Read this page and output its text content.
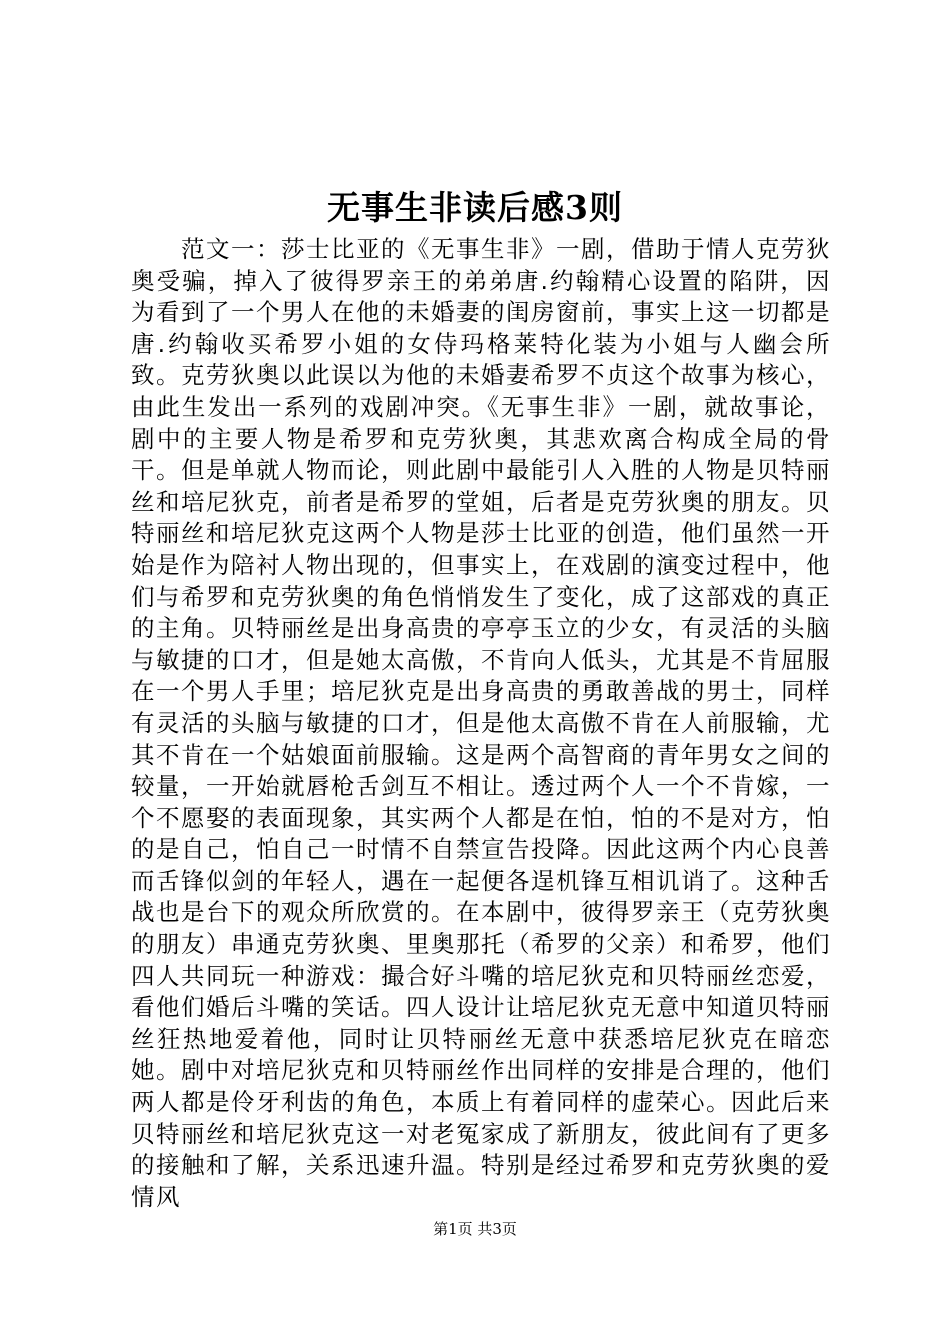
无事生非读后感3则

范文一：莎士比亚的《无事生非》一剧，借助于情人克劳狄奥受骗，掉入了彼得罗亲王的弟弟唐.约翰精心设置的陷阱，因为看到了一个男人在他的未婚妻的闺房窗前，事实上这一切都是唐.约翰收买希罗小姐的女侍玛格莱特化装为小姐与人幽会所致。克劳狄奥以此误以为他的未婚妻希罗不贞这个故事为核心，由此生发出一系列的戏剧冲突。《无事生非》一剧，就故事论，剧中的主要人物是希罗和克劳狄奥，其悲欢离合构成全局的骨干。但是单就人物而论，则此剧中最能引人入胜的人物是贝特丽丝和培尼狄克，前者是希罗的堂姐，后者是克劳狄奥的朋友。贝特丽丝和培尼狄克这两个人物是莎士比亚的创造，他们虽然一开始是作为陪衬人物出现的，但事实上，在戏剧的演变过程中，他们与希罗和克劳狄奥的角色悄悄发生了变化，成了这部戏的真正的主角。贝特丽丝是出身高贵的亭亭玉立的少女，有灵活的头脑与敏捷的口才，但是她太高傲，不肯向人低头，尤其是不肯屈服在一个男人手里；培尼狄克是出身高贵的勇敢善战的男士，同样有灵活的头脑与敏捷的口才，但是他太高傲不肯在人前服输，尤其不肯在一个姑娘面前服输。这是两个高智商的青年男女之间的较量，一开始就唇枪舌剑互不相让。透过两个人一个不肯嫁，一个不愿娶的表面现象，其实两个人都是在怕，怕的不是对方，怕的是自己，怕自己一时情不自禁宣告投降。因此这两个内心良善而舌锋似剑的年轻人，遇在一起便各逞机锋互相讥诮了。这种舌战也是台下的观众所欣赏的。在本剧中，彼得罗亲王（克劳狄奥的朋友）串通克劳狄奥、里奥那托（希罗的父亲）和希罗，他们四人共同玩一种游戏：撮合好斗嘴的培尼狄克和贝特丽丝恋爱，看他们婚后斗嘴的笑话。四人设计让培尼狄克无意中知道贝特丽丝狂热地爱着他，同时让贝特丽丝无意中获悉培尼狄克在暗恋她。剧中对培尼狄克和贝特丽丝作出同样的安排是合理的，他们两人都是伶牙利齿的角色，本质上有着同样的虚荣心。因此后来贝特丽丝和培尼狄克这一对老冤家成了新朋友，彼此间有了更多的接触和了解，关系迅速升温。特别是经过希罗和克劳狄奥的爱情风

第1页 共3页
